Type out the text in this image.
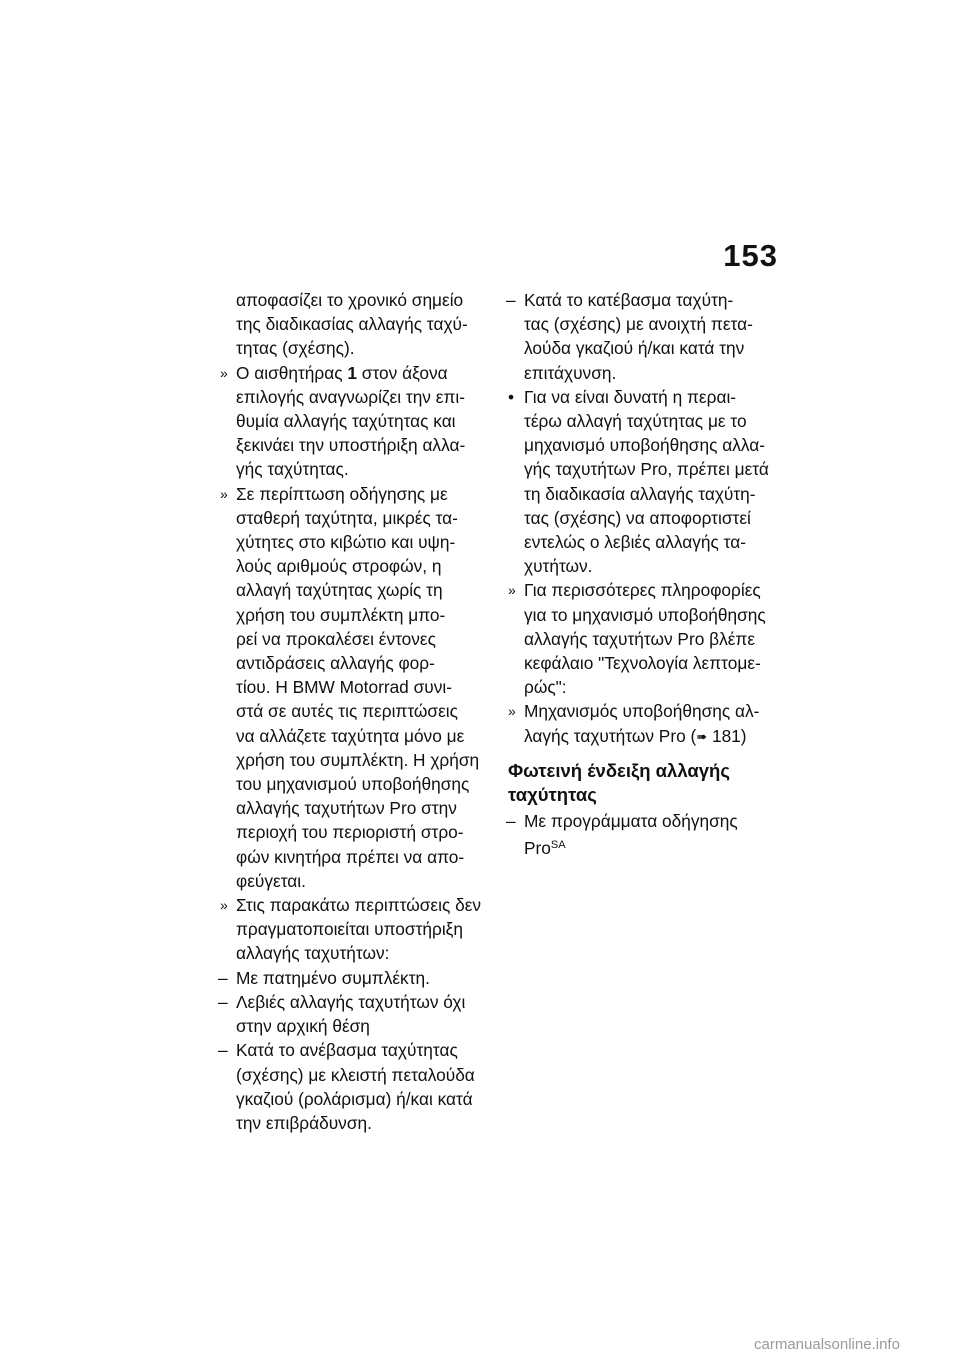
153
αποφασίζει το χρονικό σημείο
της διαδικασίας αλλαγής ταχύ-
τητας (σχέσης).
» Ο αισθητήρας 1 στον άξονα
επιλογής αναγνωρίζει την επι-
θυμία αλλαγής ταχύτητας και
ξεκινάει την υποστήριξη αλλα-
γής ταχύτητας.
» Σε περίπτωση οδήγησης με
σταθερή ταχύτητα, μικρές τα-
χύτητες στο κιβώτιο και υψη-
λούς αριθμούς στροφών, η
αλλαγή ταχύτητας χωρίς τη
χρήση του συμπλέκτη μπο-
ρεί να προκαλέσει έντονες
αντιδράσεις αλλαγής φορ-
τίου. Η BMW Motorrad συνι-
στά σε αυτές τις περιπτώσεις
να αλλάζετε ταχύτητα μόνο με
χρήση του συμπλέκτη. Η χρήση
του μηχανισμού υποβοήθησης
αλλαγής ταχυτήτων Pro στην
περιοχή του περιοριστή στρο-
φών κινητήρα πρέπει να απο-
φεύγεται.
» Στις παρακάτω περιπτώσεις δεν
πραγματοποιείται υποστήριξη
αλλαγής ταχυτήτων:
– Με πατημένο συμπλέκτη.
– Λεβιές αλλαγής ταχυτήτων όχι
στην αρχική θέση
– Κατά το ανέβασμα ταχύτητας
(σχέσης) με κλειστή πεταλούδα
γκαζιού (ρολάρισμα) ή/και κατά
την επιβράδυνση.
– Κατά το κατέβασμα ταχύτη-
τας (σχέσης) με ανοιχτή πετα-
λούδα γκαζιού ή/και κατά την
επιτάχυνση.
• Για να είναι δυνατή η περαι-
τέρω αλλαγή ταχύτητας με το
μηχανισμό υποβοήθησης αλλα-
γής ταχυτήτων Pro, πρέπει μετά
τη διαδικασία αλλαγής ταχύτη-
τας (σχέσης) να αποφορτιστεί
εντελώς ο λεβιές αλλαγής τα-
χυτήτων.
» Για περισσότερες πληροφορίες
για το μηχανισμό υποβοήθησης
αλλαγής ταχυτήτων Pro βλέπε
κεφάλαιο "Τεχνολογία λεπτομε-
ρώς":
» Μηχανισμός υποβοήθησης αλ-
λαγής ταχυτήτων Pro (➠ 181)
Φωτεινή ένδειξη αλλαγής
ταχύτητας
– Με προγράμματα οδήγησης
Pro$^{SA}$
carmanualsonline.info
